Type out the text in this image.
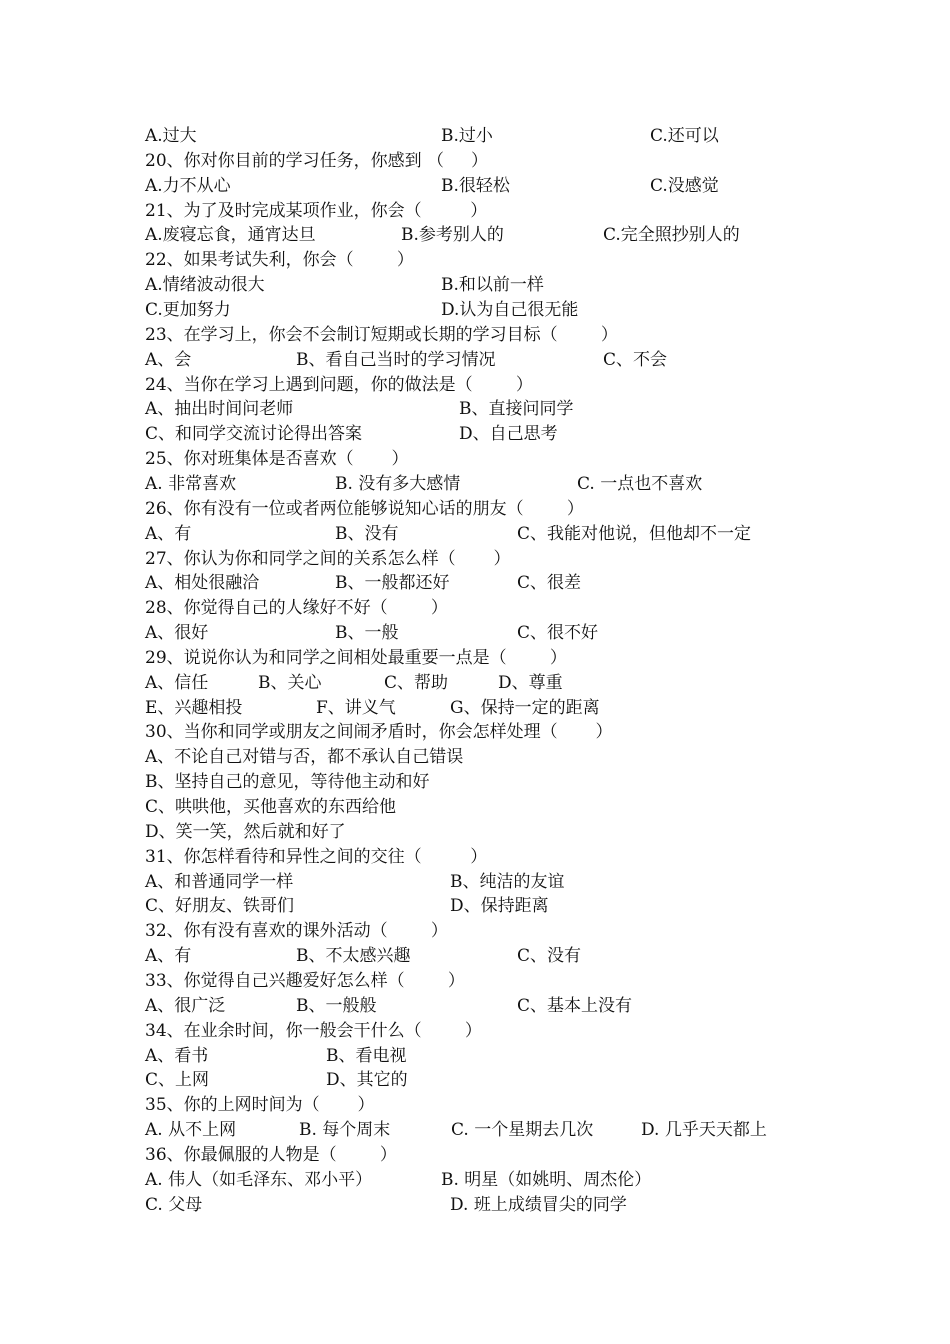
A.过大	B.过小	C.还可以
20、你对你目前的学习任务，你感到 （     ）
A.力不从心	B.很轻松	C.没感觉
21、为了及时完成某项作业，你会（         ）
A.废寝忘食，通宵达旦	B.参考别人的	C.完全照抄别人的
22、如果考试失利，你会（        ）
A.情绪波动很大	B.和以前一样
C.更加努力	D.认为自己很无能
23、在学习上，你会不会制订短期或长期的学习目标（        ）
A、会	B、看自己当时的学习情况	C、不会
24、当你在学习上遇到问题，你的做法是（        ）
A、抽出时间问老师	B、直接问同学
C、和同学交流讨论得出答案	D、自己思考
25、你对班集体是否喜欢（       ）
A. 非常喜欢	B. 没有多大感情	C. 一点也不喜欢
26、你有没有一位或者两位能够说知心话的朋友（        ）
A、有	B、没有	C、我能对他说，但他却不一定
27、你认为你和同学之间的关系怎么样（       ）
A、相处很融洽	B、一般都还好	C、很差
28、你觉得自己的人缘好不好（        ）
A、很好	B、一般	C、很不好
29、说说你认为和同学之间相处最重要一点是（        ）
A、信任	B、关心	C、帮助	D、尊重
E、兴趣相投	F、讲义气	G、保持一定的距离
30、当你和同学或朋友之间闹矛盾时，你会怎样处理（       ）
A、不论自己对错与否，都不承认自己错误
B、坚持自己的意见，等待他主动和好
C、哄哄他，买他喜欢的东西给他
D、笑一笑，然后就和好了
31、你怎样看待和异性之间的交往（         ）
A、和普通同学一样	B、纯洁的友谊
C、好朋友、铁哥们	D、保持距离
32、你有没有喜欢的课外活动（        ）
A、有	B、不太感兴趣	C、没有
33、你觉得自己兴趣爱好怎么样（        ）
A、很广泛	B、一般般	C、基本上没有
34、在业余时间，你一般会干什么（        ）
A、看书	B、看电视
C、上网	D、其它的
35、你的上网时间为（       ）
A. 从不上网	B. 每个周末	C. 一个星期去几次	D. 几乎天天都上
36、你最佩服的人物是（        ）
A. 伟人（如毛泽东、邓小平）	B. 明星（如姚明、周杰伦）
C. 父母	D. 班上成绩冒尖的同学
